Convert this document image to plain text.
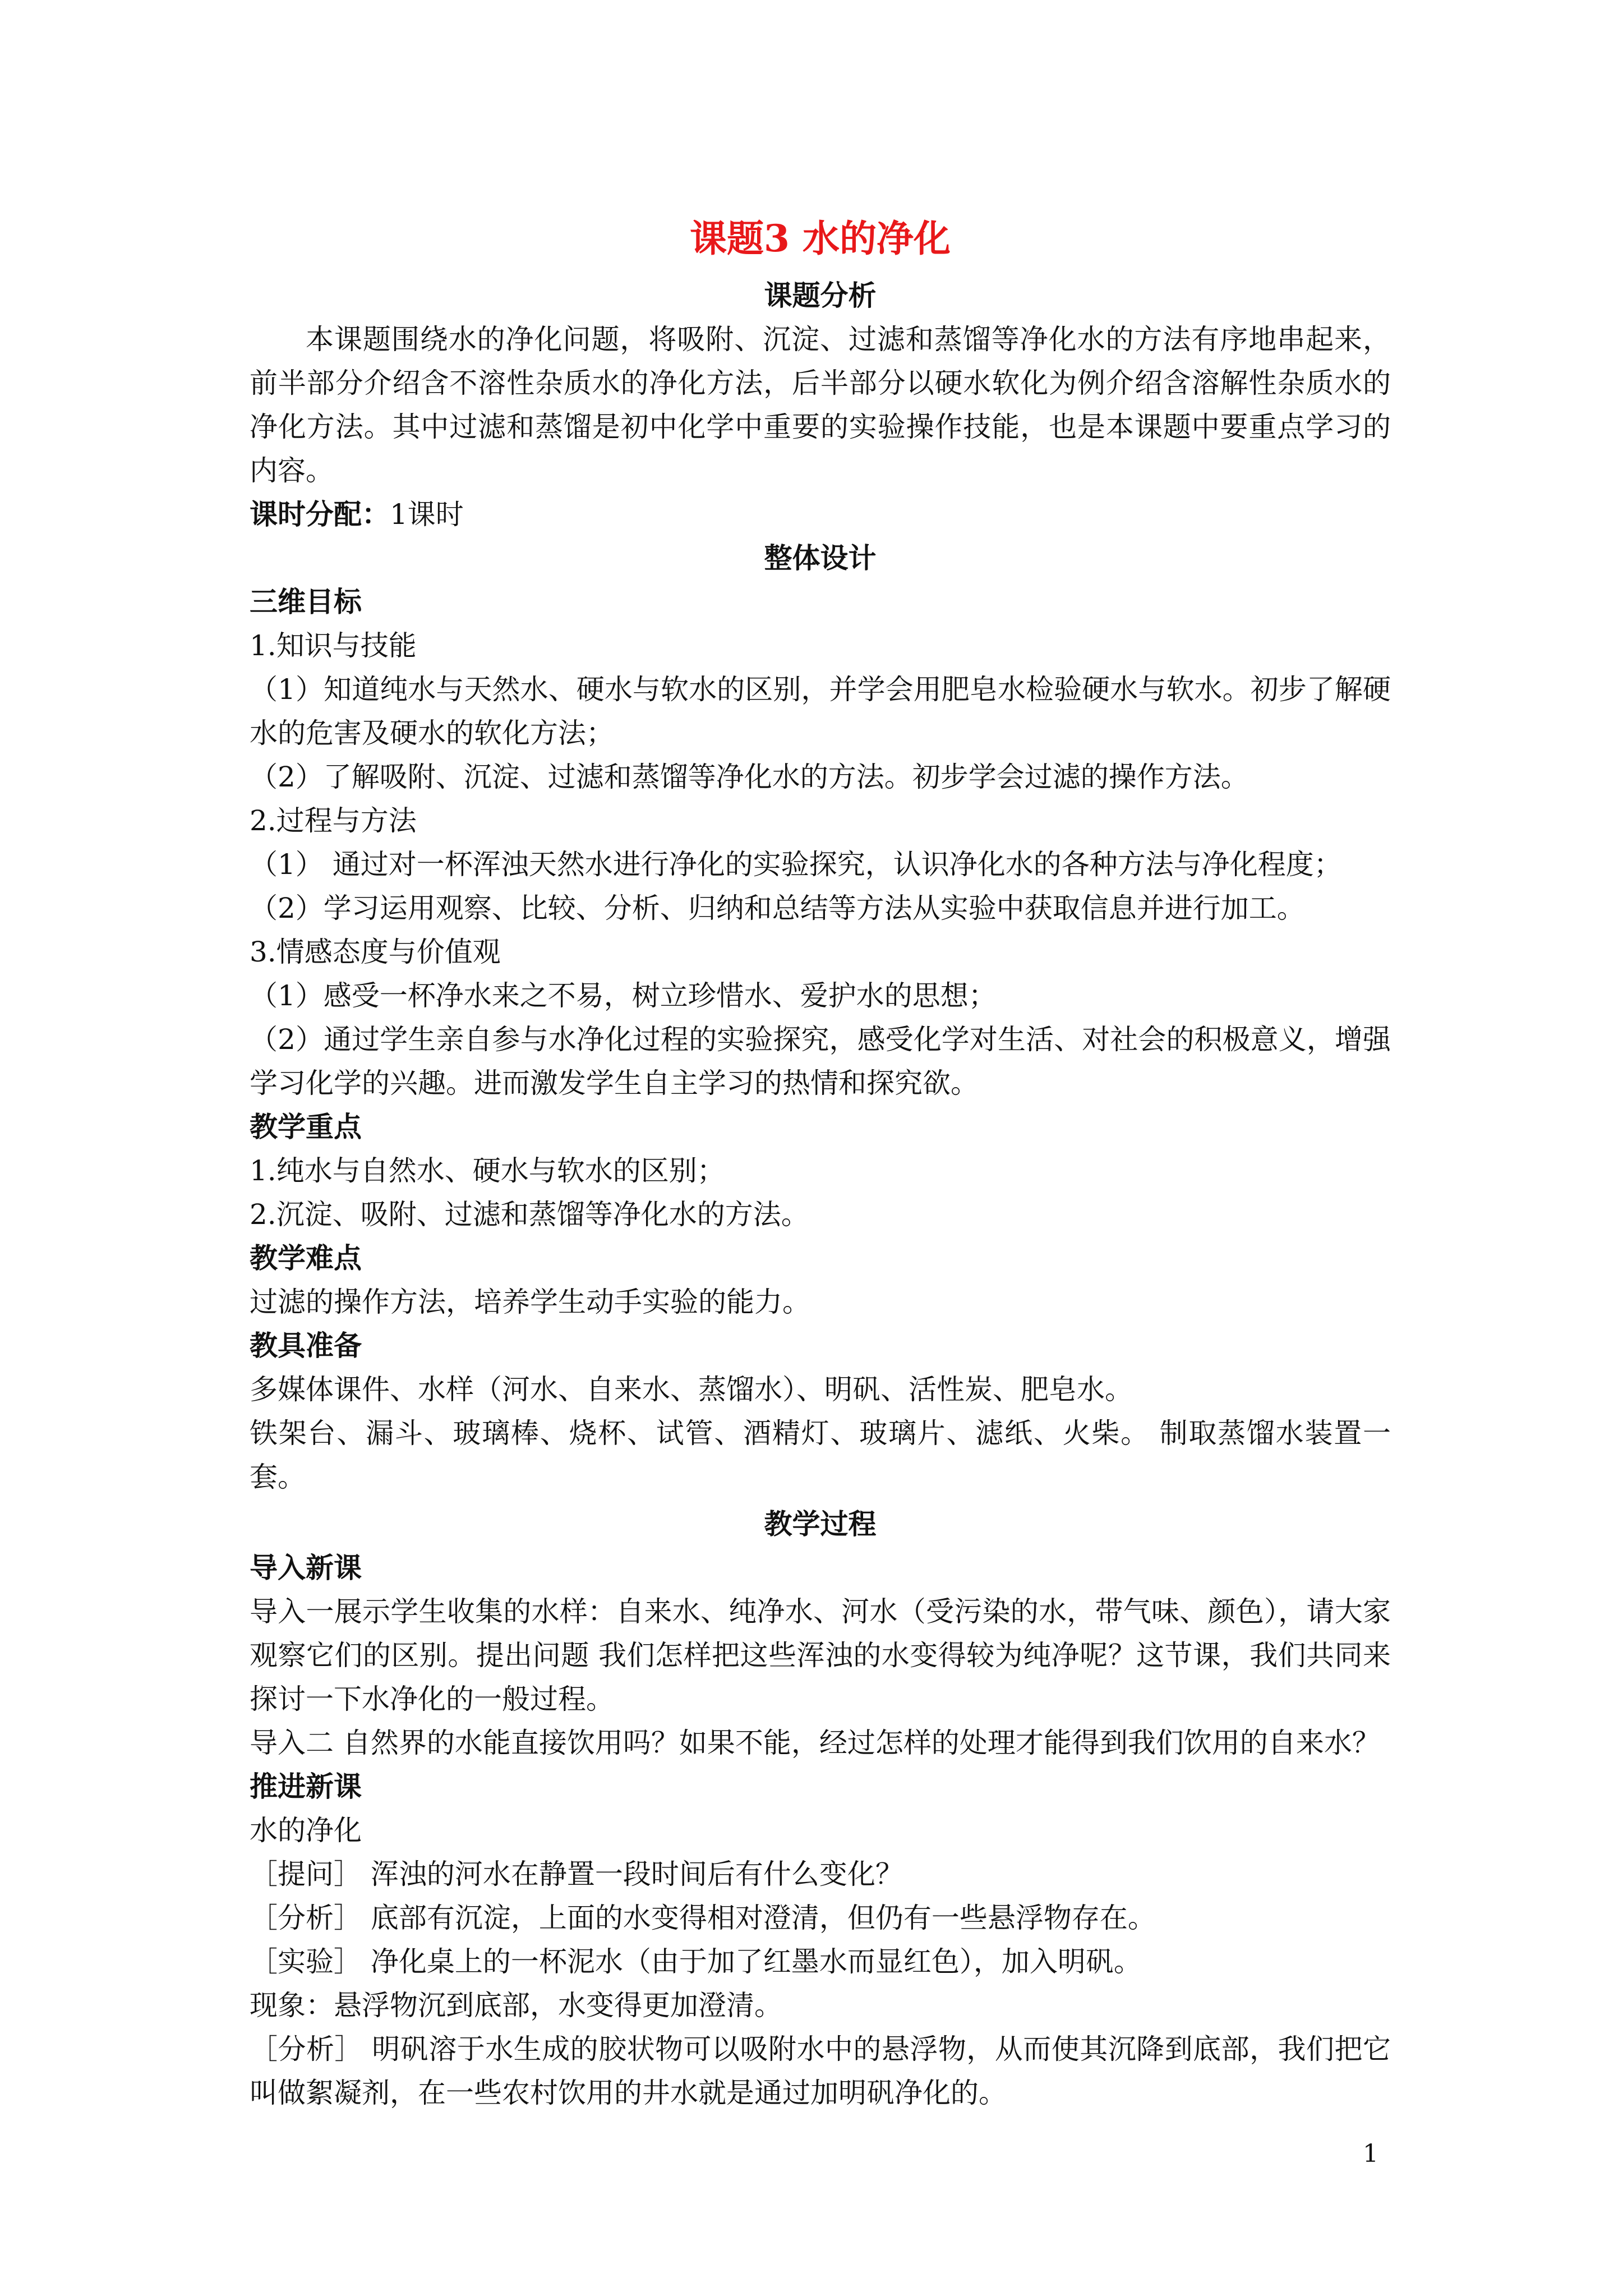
课题3 水的净化

课题分析

本课题围绕水的净化问题，将吸附、沉淀、过滤和蒸馏等净化水的方法有序地串起来，前半部分介绍含不溶性杂质水的净化方法，后半部分以硬水软化为例介绍含溶解性杂质水的净化方法。其中过滤和蒸馏是初中化学中重要的实验操作技能，也是本课题中要重点学习的内容。

课时分配：1课时

整体设计

三维目标

1.知识与技能

（1）知道纯水与天然水、硬水与软水的区别，并学会用肥皂水检验硬水与软水。初步了解硬水的危害及硬水的软化方法；

（2）了解吸附、沉淀、过滤和蒸馏等净化水的方法。初步学会过滤的操作方法。

2.过程与方法

（1） 通过对一杯浑浊天然水进行净化的实验探究，认识净化水的各种方法与净化程度；

（2）学习运用观察、比较、分析、归纳和总结等方法从实验中获取信息并进行加工。

3.情感态度与价值观

（1）感受一杯净水来之不易，树立珍惜水、爱护水的思想；

（2）通过学生亲自参与水净化过程的实验探究，感受化学对生活、对社会的积极意义，增强学习化学的兴趣。进而激发学生自主学习的热情和探究欲。

教学重点

1.纯水与自然水、硬水与软水的区别；

2.沉淀、吸附、过滤和蒸馏等净化水的方法。

教学难点

过滤的操作方法，培养学生动手实验的能力。

教具准备

多媒体课件、水样（河水、自来水、蒸馏水）、明矾、活性炭、肥皂水。

铁架台、漏斗、玻璃棒、烧杯、试管、酒精灯、玻璃片、滤纸、火柴。 制取蒸馏水装置一套。

教学过程

导入新课

导入一展示学生收集的水样：自来水、纯净水、河水（受污染的水，带气味、颜色），请大家观察它们的区别。提出问题 我们怎样把这些浑浊的水变得较为纯净呢？这节课，我们共同来探讨一下水净化的一般过程。

导入二 自然界的水能直接饮用吗？如果不能，经过怎样的处理才能得到我们饮用的自来水？

推进新课

水的净化

［提问］ 浑浊的河水在静置一段时间后有什么变化？

［分析］ 底部有沉淀，上面的水变得相对澄清，但仍有一些悬浮物存在。

［实验］ 净化桌上的一杯泥水（由于加了红墨水而显红色），加入明矾。

现象：悬浮物沉到底部，水变得更加澄清。

［分析］ 明矾溶于水生成的胶状物可以吸附水中的悬浮物，从而使其沉降到底部，我们把它叫做絮凝剂，在一些农村饮用的井水就是通过加明矾净化的。

1
